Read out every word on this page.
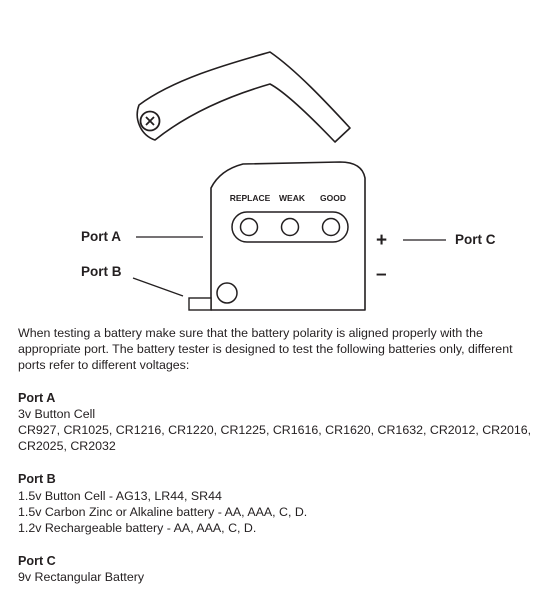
REPLACE WEAK GOOD
Port A
Port B
+	Port C
–

When testing a battery make sure that the battery polarity is aligned properly with the appropriate port. The battery tester is designed to test the following batteries only, different ports refer to different voltages:

Port A

3v Button Cell

CR927, CR1025, CR1216, CR1220, CR1225, CR1616, CR1620, CR1632, CR2012, CR2016, CR2025, CR2032

Port B

1.5v Button Cell - AG13, LR44, SR44

1.5v Carbon Zinc or Alkaline battery - AA, AAA, C, D.

1.2v Rechargeable battery - AA, AAA, C, D.

Port C

9v Rectangular Battery
